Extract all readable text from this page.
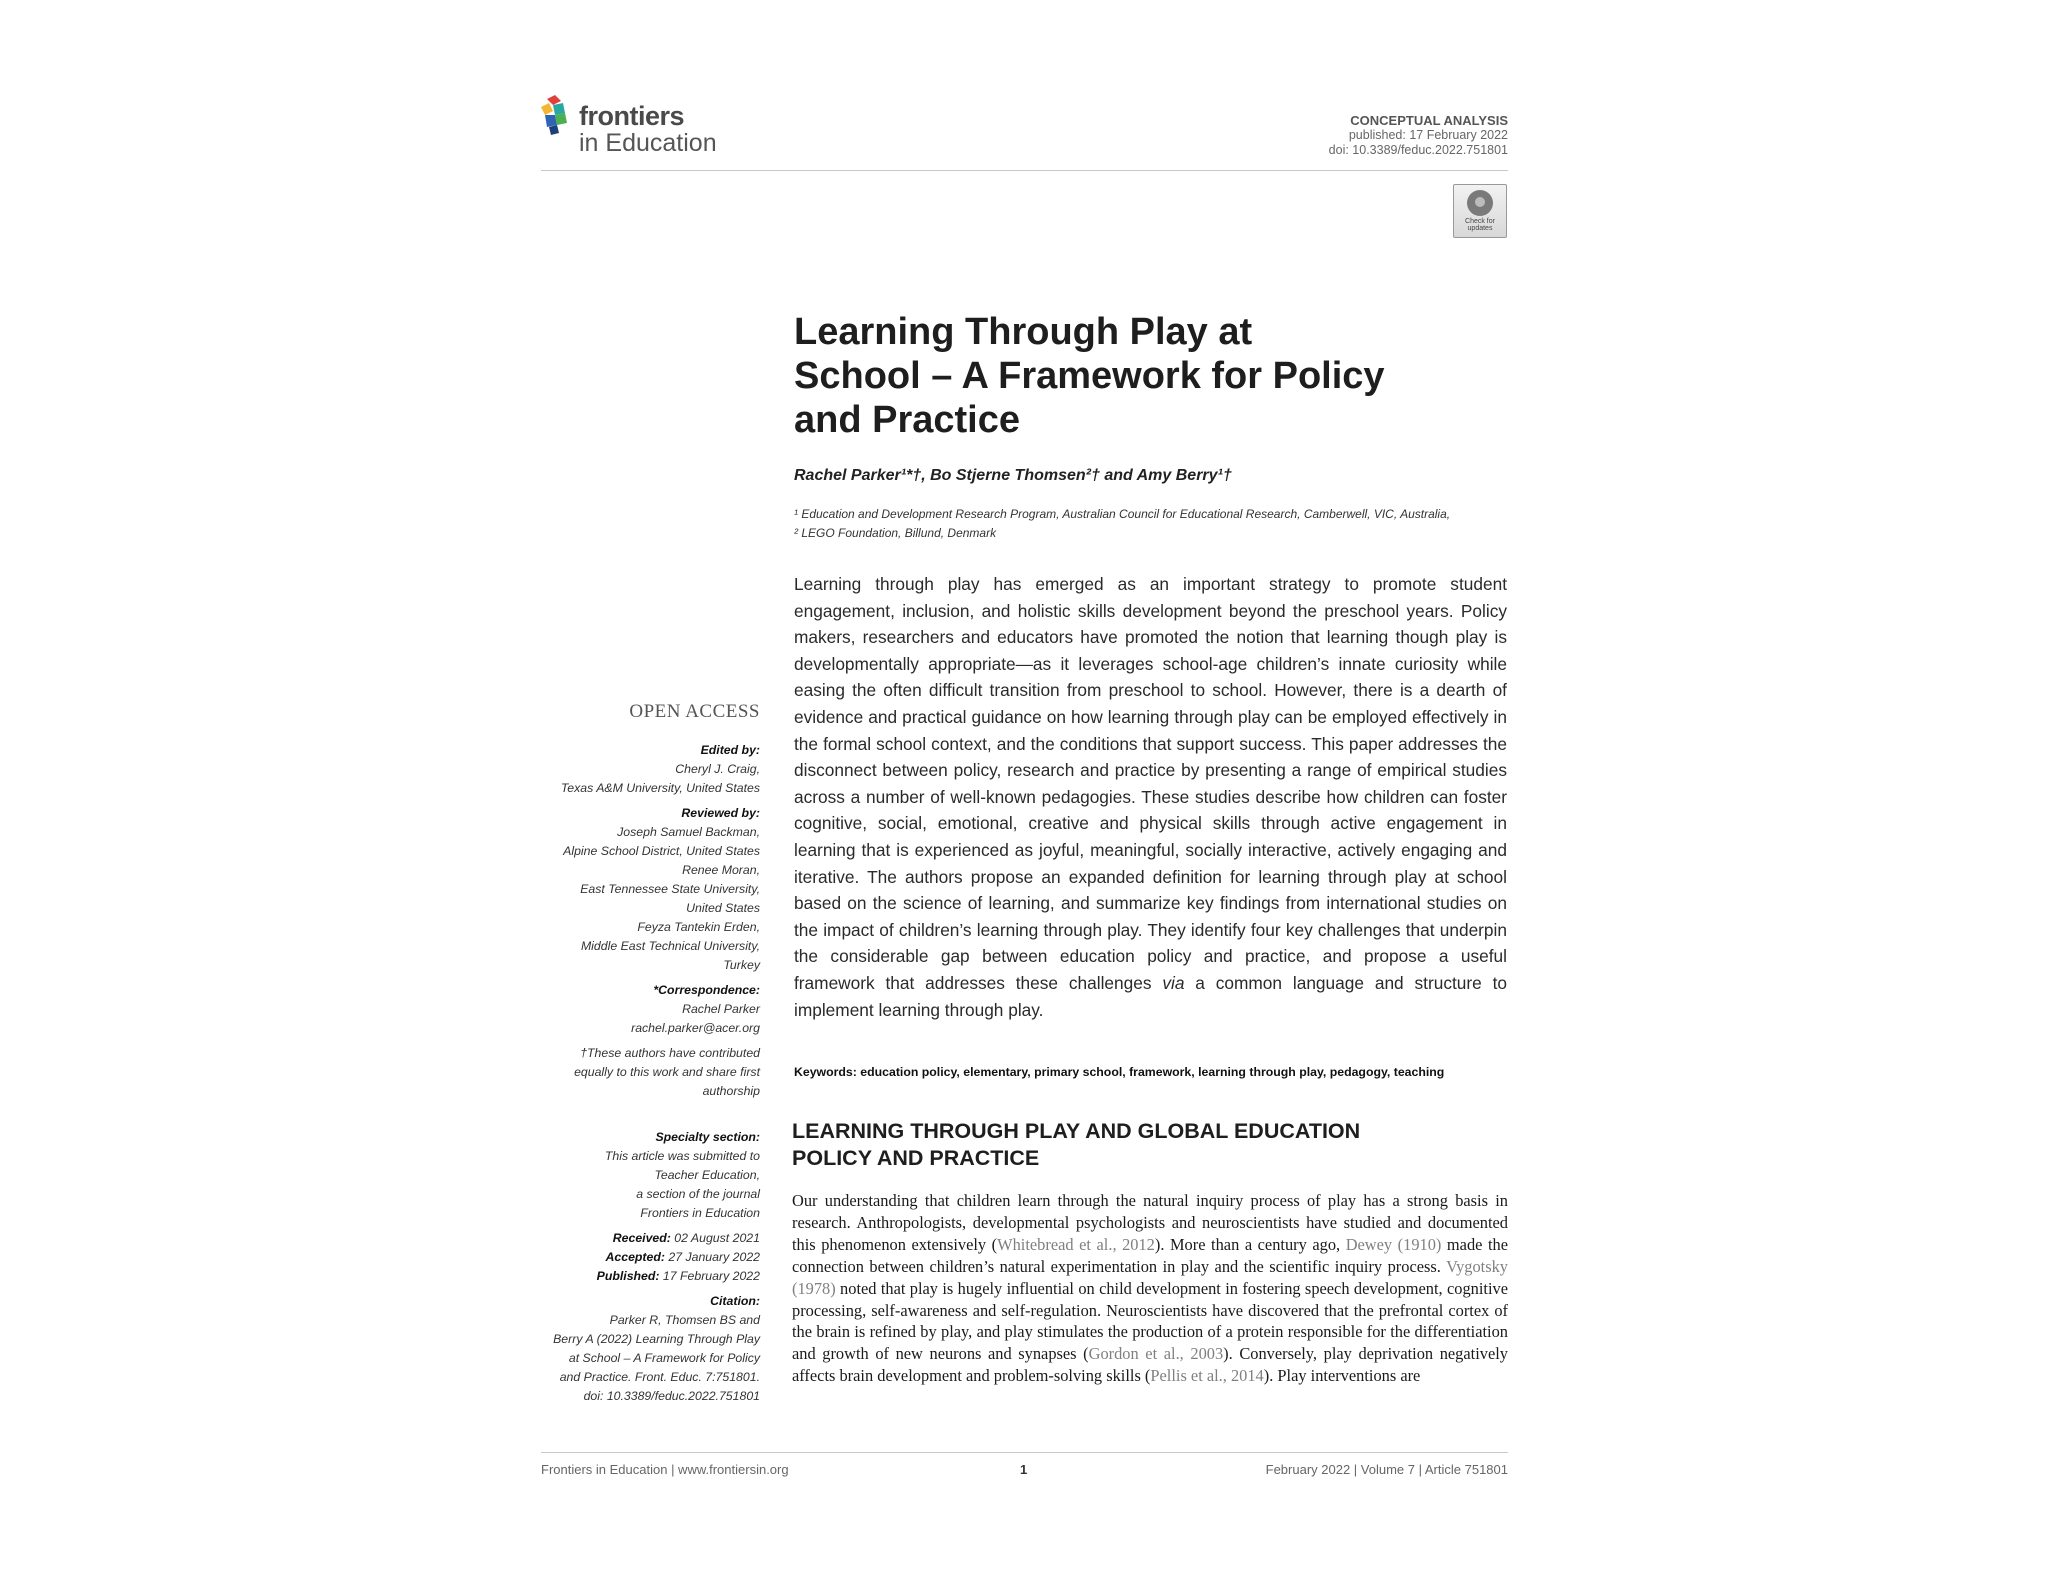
frontiers
in Education
CONCEPTUAL ANALYSIS
published: 17 February 2022
doi: 10.3389/feduc.2022.751801
Check for updates
Learning Through Play at
School – A Framework for Policy
and Practice
Rachel Parker¹*†, Bo Stjerne Thomsen²† and Amy Berry¹†
¹ Education and Development Research Program, Australian Council for Educational Research, Camberwell, VIC, Australia,
² LEGO Foundation, Billund, Denmark

Learning through play has emerged as an important strategy to promote student engagement, inclusion, and holistic skills development beyond the preschool years. Policy makers, researchers and educators have promoted the notion that learning though play is developmentally appropriate—as it leverages school-age children’s innate curiosity while easing the often difficult transition from preschool to school. However, there is a dearth of evidence and practical guidance on how learning through play can be employed effectively in the formal school context, and the conditions that support success. This paper addresses the disconnect between policy, research and practice by presenting a range of empirical studies across a number of well-known pedagogies. These studies describe how children can foster cognitive, social, emotional, creative and physical skills through active engagement in learning that is experienced as joyful, meaningful, socially interactive, actively engaging and iterative. The authors propose an expanded definition for learning through play at school based on the science of learning, and summarize key findings from international studies on the impact of children’s learning through play. They identify four key challenges that underpin the considerable gap between education policy and practice, and propose a useful framework that addresses these challenges via a common language and structure to implement learning through play.

Keywords: education policy, elementary, primary school, framework, learning through play, pedagogy, teaching
LEARNING THROUGH PLAY AND GLOBAL EDUCATION
POLICY AND PRACTICE

Our understanding that children learn through the natural inquiry process of play has a strong basis in research. Anthropologists, developmental psychologists and neuroscientists have studied and documented this phenomenon extensively (Whitebread et al., 2012). More than a century ago, Dewey (1910) made the connection between children’s natural experimentation in play and the scientific inquiry process. Vygotsky (1978) noted that play is hugely influential on child development in fostering speech development, cognitive processing, self-awareness and self-regulation. Neuroscientists have discovered that the prefrontal cortex of the brain is refined by play, and play stimulates the production of a protein responsible for the differentiation and growth of new neurons and synapses (Gordon et al., 2003). Conversely, play deprivation negatively affects brain development and problem-solving skills (Pellis et al., 2014). Play interventions are

OPEN ACCESS
Edited by:
Cheryl J. Craig,
Texas A&M University, United States
Reviewed by:
Joseph Samuel Backman,
Alpine School District, United States
Renee Moran,
East Tennessee State University,
United States
Feyza Tantekin Erden,
Middle East Technical University,
Turkey
*Correspondence:
Rachel Parker
rachel.parker@acer.org
†These authors have contributed
equally to this work and share first
authorship
Specialty section:
This article was submitted to
Teacher Education,
a section of the journal
Frontiers in Education
Received: 02 August 2021
Accepted: 27 January 2022
Published: 17 February 2022
Citation:
Parker R, Thomsen BS and
Berry A (2022) Learning Through Play
at School – A Framework for Policy
and Practice. Front. Educ. 7:751801.
doi: 10.3389/feduc.2022.751801
Frontiers in Education | www.frontiersin.org	1	February 2022 | Volume 7 | Article 751801
